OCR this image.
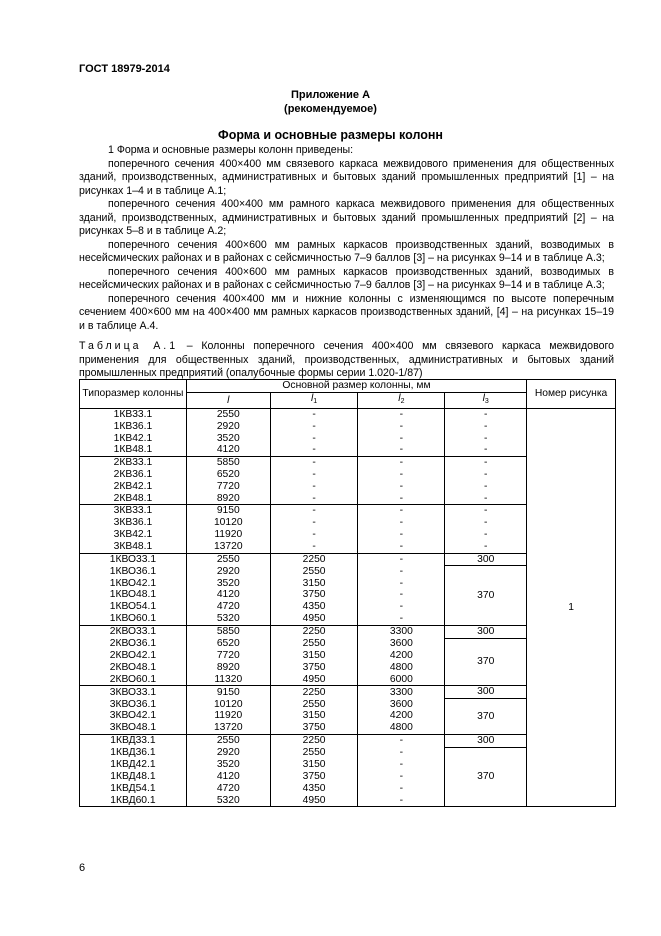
ГОСТ 18979-2014
Приложение А
(рекомендуемое)
Форма и основные размеры колонн

1 Форма и основные размеры колонн приведены:

поперечного сечения 400×400 мм связевого каркаса межвидового применения для общественных зданий, производственных, административных и бытовых зданий промышленных предприятий [1] – на рисунках 1–4 и в таблице А.1;

поперечного сечения 400×400 мм рамного каркаса межвидового применения для общественных зданий, производственных, административных и бытовых зданий промышленных предприятий [2] – на рисунках 5–8 и в таблице А.2;

поперечного сечения 400×600 мм рамных каркасов производственных зданий, возводимых в несейсмических районах и в районах с сейсмичностью 7–9 баллов [3] – на рисунках 9–14 и в таблице А.3;

поперечного сечения 400×600 мм рамных каркасов производственных зданий, возводимых в несейсмических районах и в районах с сейсмичностью 7–9 баллов [3] – на рисунках 9–14 и в таблице А.3;

поперечного сечения 400×400 мм и нижние колонны с изменяющимся по высоте поперечным сечением 400×600 мм на 400×400 мм рамных каркасов производственных зданий, [4] – на рисунках 15–19 и в таблице А.4.

Таблица А.1 – Колонны поперечного сечения 400×400 мм связевого каркаса межвидового применения для общественных зданий, производственных, административных и бытовых зданий промышленных предприятий (опалубочные формы серии 1.020-1/87)
Типоразмер колонны	Основной размер колонны, мм				Номер рисунка
	l	$l_1$	$l_2$	$l_3$
1КВ33.1	2550	-	-	-	1
1КВ36.1	2920	-	-	-	
1КВ42.1	3520	-	-	-	
1КВ48.1	4120	-	-	-	
2КВ33.1	5850	-	-	-	
2КВ36.1	6520	-	-	-	
2КВ42.1	7720	-	-	-	
2КВ48.1	8920	-	-	-	
3КВ33.1	9150	-	-	-	
3КВ36.1	10120	-	-	-	
3КВ42.1	11920	-	-	-	
3КВ48.1	13720	-	-	-	
1КВО33.1	2550	2250	-	300	
1КВО36.1	2920	2550	-	370	
1КВО42.1	3520	3150	-		
1КВО48.1	4120	3750	-		
1КВО54.1	4720	4350	-		
1КВО60.1	5320	4950	-		
2КВО33.1	5850	2250	3300	300	
2КВО36.1	6520	2550	3600	370	
2КВО42.1	7720	3150	4200		
2КВО48.1	8920	3750	4800		
2КВО60.1	11320	4950	6000		
3КВО33.1	9150	2250	3300	300	
3КВО36.1	10120	2550	3600	370	
3КВО42.1	11920	3150	4200		
3КВО48.1	13720	3750	4800		
1КВД33.1	2550	2250	-	300	
1КВД36.1	2920	2550	-	370	
1КВД42.1	3520	3150	-		
1КВД48.1	4120	3750	-		
1КВД54.1	4720	4350	-		
1КВД60.1	5320	4950	-		
6
